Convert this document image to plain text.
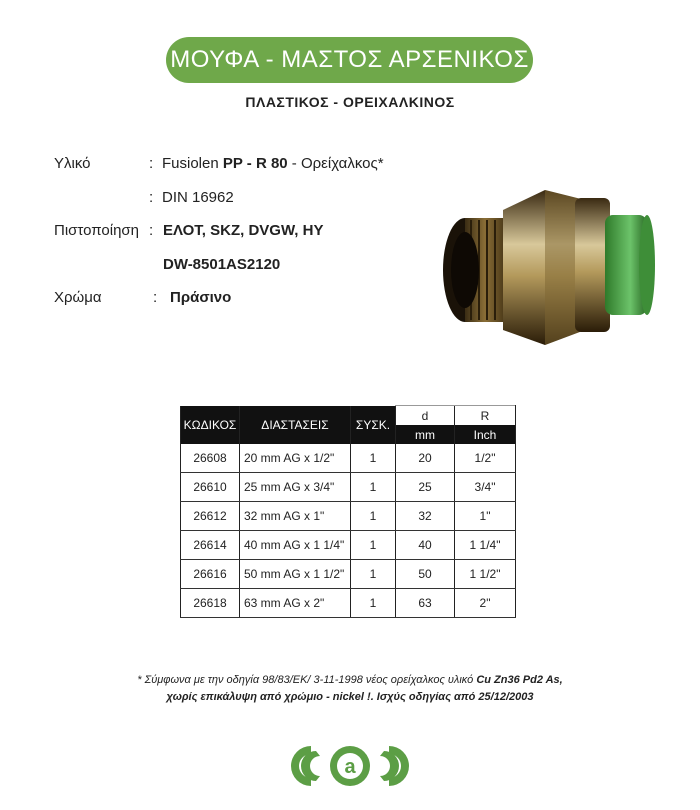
ΜΟΥΦΑ - ΜΑΣΤΟΣ ΑΡΣΕΝΙΚΟΣ
ΠΛΑΣΤΙΚΟΣ - ΟΡΕΙΧΑΛΚΙΝΟΣ
Υλικό	: Fusiolen PP - R 80 - Ορείχαλκος*
: DIN 16962
Πιστοποίηση : ΕΛΟΤ, SKZ, DVGW, HY
DW-8501AS2120
Χρώμα	: Πράσινο
ΚΩΔΙΚΟΣ	ΔΙΑΣΤΑΣΕΙΣ	ΣΥΣΚ.	d	R
			mm	Inch
26608	20 mm AG x 1/2"	1	20	1/2"
26610	25 mm AG x 3/4"	1	25	3/4"
26612	32 mm AG x 1"	1	32	1"
26614	40 mm AG x 1 1/4"	1	40	1 1/4"
26616	50 mm AG x 1 1/2"	1	50	1 1/2"
26618	63 mm AG x 2"	1	63	2"
* Σύμφωνα με την οδηγία 98/83/ΕΚ/ 3-11-1998 νέος ορείχαλκος υλικό Cu Zn36 Pd2 As,
χωρίς επικάλυψη από χρώμιο - nickel !. Ισχύς οδηγίας από 25/12/2003
a
